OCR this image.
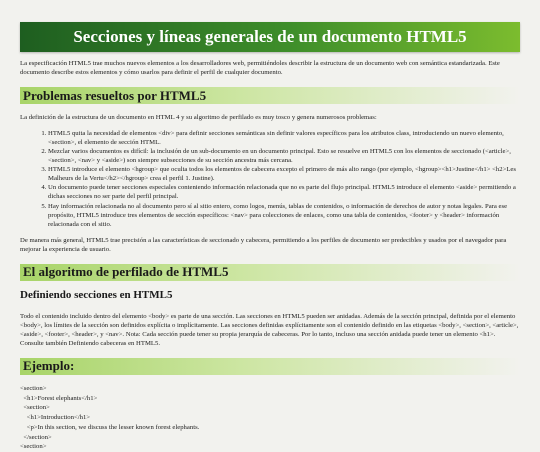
Secciones y líneas generales de un documento HTML5

La especificación HTML5 trae muchos nuevos elementos a los desarrolladores web, permitiéndoles describir la estructura de un documento web con semántica estandarizada. Este documento describe estos elementos y cómo usarlos para definir el perfil de cualquier documento.

Problemas resueltos por HTML5

La definición de la estructura de un documento en HTML 4 y su algoritmo de perfilado es muy tosco y genera numerosos problemas:

1. HTML5 quita la necesidad de elementos <div> para definir secciones semánticas sin definir valores específicos para los atributos class, introduciendo un nuevo elemento, <section>, el elemento de sección HTML.
2. Mezclar varios documentos es difícil: la inclusión de un sub-documento en un documento principal. Esto se resuelve en HTML5 con los elementos de seccionado (<article>, <section>, <nav> y <aside>) son siempre subsecciones de su sección ancestra más cercana.
3. HTML5 introduce el elemento <hgroup> que oculta todos los elementos de cabecera excepto el primero de más alto rango (por ejemplo, <hgroup><h1>Justine</h1> <h2>Les Malheurs de la Vertu</h2></hgroup> crea el perfil 1. Justine).
4. Un documento puede tener secciones especiales conteniendo información relacionada que no es parte del flujo principal. HTML5 introduce el elemento <aside> permitiendo a dichas secciones no ser parte del perfil principal.
5. Hay información relacionada no al documento pero sí al sitio entero, como logos, menús, tablas de contenidos, o información de derechos de autor y notas legales. Para ese propósito, HTML5 introduce tres elementos de sección específicos: <nav> para colecciones de enlaces, como una tabla de contenidos, <footer> y <header> información relacionada con el sitio.

De manera más general, HTML5 trae precisión a las características de seccionado y cabecera, permitiendo a los perfiles de documento ser predecibles y usados por el navegador para mejorar la experiencia de usuario.

El algoritmo de perfilado de HTML5
Definiendo secciones en HTML5

Todo el contenido incluido dentro del elemento <body> es parte de una sección. Las secciones en HTML5 pueden ser anidadas. Además de la sección principal, definida por el elemento <body>, los límites de la sección son definidos explícita o implícitamente. Las secciones definidas explícitamente son el contenido definido en las etiquetas <body>, <section>, <article>, <aside>, <footer>, <header>, y <nav>. Nota: Cada sección puede tener su propia jerarquía de cabeceras. Por lo tanto, incluso una sección anidada puede tener un elemento <h1>. Consulte también Definiendo cabeceras en HTML5.

Ejemplo:
<section>
<h1>Forest elephants</h1>
<section>
<h1>Introduction</h1>
<p>In this section, we discuss the lesser known forest elephants.
</section>
<section>
